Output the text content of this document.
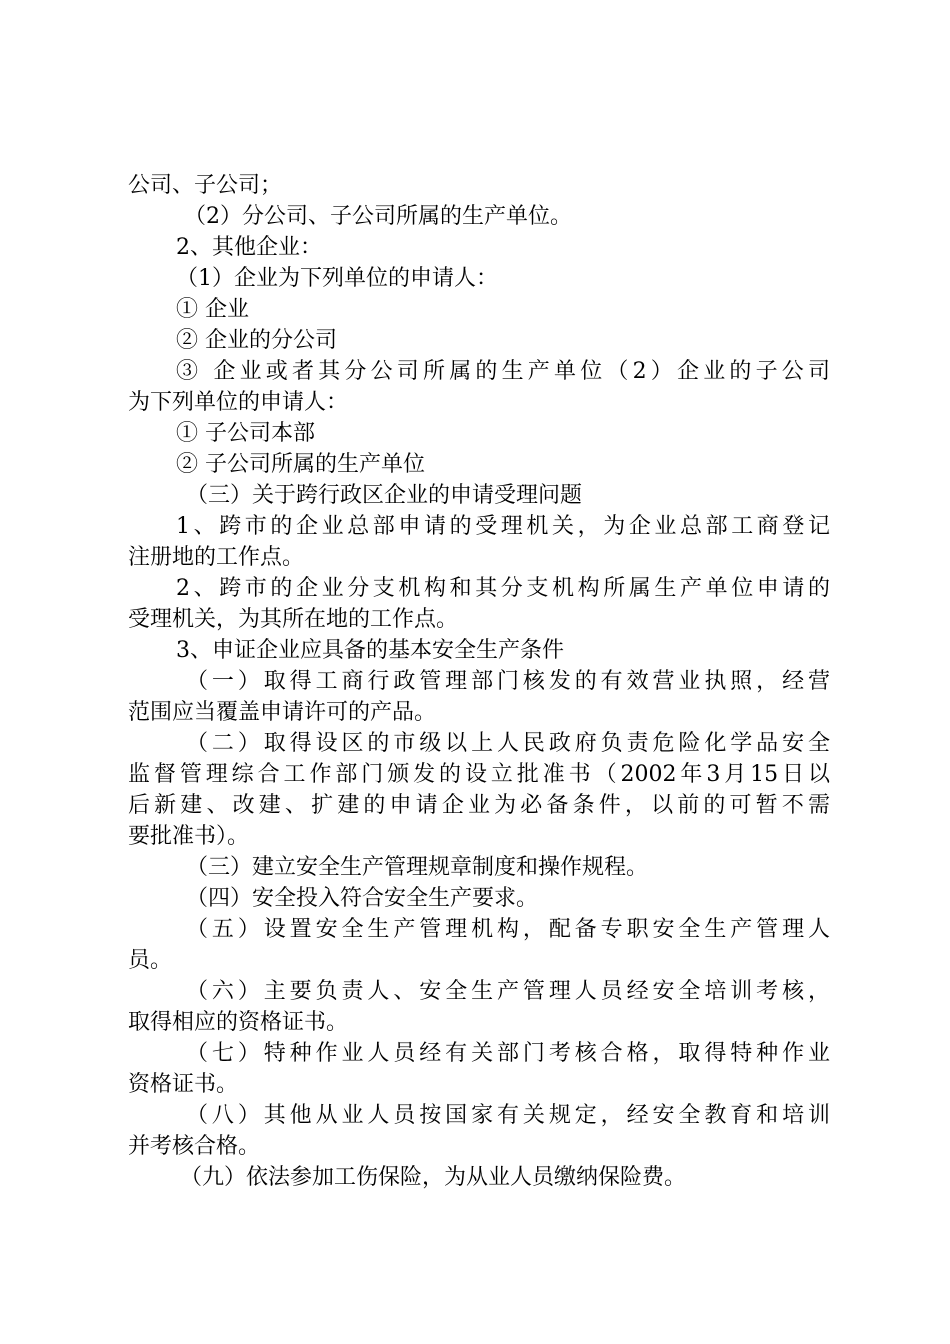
公司、子公司；
（2）分公司、子公司所属的生产单位。
2、其他企业：
（1）企业为下列单位的申请人：
① 企业
② 企业的分公司
③ 企业或者其分公司所属的生产单位（2）企业的子公司
为下列单位的申请人：
① 子公司本部
② 子公司所属的生产单位
（三）关于跨行政区企业的申请受理问题
1、跨市的企业总部申请的受理机关，为企业总部工商登记
注册地的工作点。
2、跨市的企业分支机构和其分支机构所属生产单位申请的
受理机关，为其所在地的工作点。
3、申证企业应具备的基本安全生产条件
（一）取得工商行政管理部门核发的有效营业执照，经营
范围应当覆盖申请许可的产品。
（二）取得设区的市级以上人民政府负责危险化学品安全
监督管理综合工作部门颁发的设立批准书（2002年3月15日以
后新建、改建、扩建的申请企业为必备条件，以前的可暂不需
要批准书）。
（三）建立安全生产管理规章制度和操作规程。
（四）安全投入符合安全生产要求。
（五）设置安全生产管理机构，配备专职安全生产管理人
员。
（六）主要负责人、安全生产管理人员经安全培训考核，
取得相应的资格证书。
（七）特种作业人员经有关部门考核合格，取得特种作业
资格证书。
（八）其他从业人员按国家有关规定，经安全教育和培训
并考核合格。
（九）依法参加工伤保险，为从业人员缴纳保险费。
